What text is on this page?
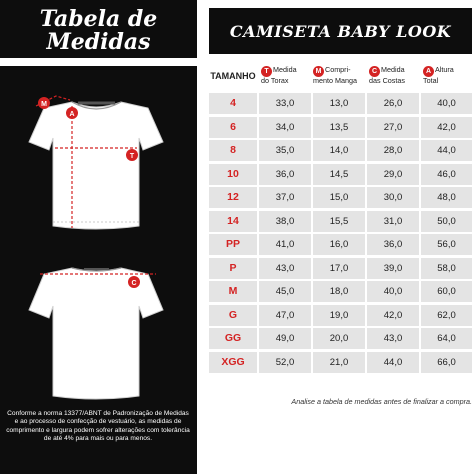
Tabela de
Medidas
M
A
T
C
Conforme a norma 13377/ABNT de Padronização de Medidas e ao processo de confecção de vestuário, as medidas de comprimento e largura podem sofrer alterações com tolerância de até 4% para mais ou para menos.
CAMISETA BABY LOOK
TAMANHO	T Medida
do Torax
M Compri-
mento Manga
C Medida
das Costas
A Altura
Total
4	33,0	13,0	26,0	40,0
6	34,0	13,5	27,0	42,0
8	35,0	14,0	28,0	44,0
10	36,0	14,5	29,0	46,0
12	37,0	15,0	30,0	48,0
14	38,0	15,5	31,0	50,0
PP	41,0	16,0	36,0	56,0
P	43,0	17,0	39,0	58,0
M	45,0	18,0	40,0	60,0
G	47,0	19,0	42,0	62,0
GG	49,0	20,0	43,0	64,0
XGG	52,0	21,0	44,0	66,0
Analise a tabela de medidas antes de finalizar a compra.
